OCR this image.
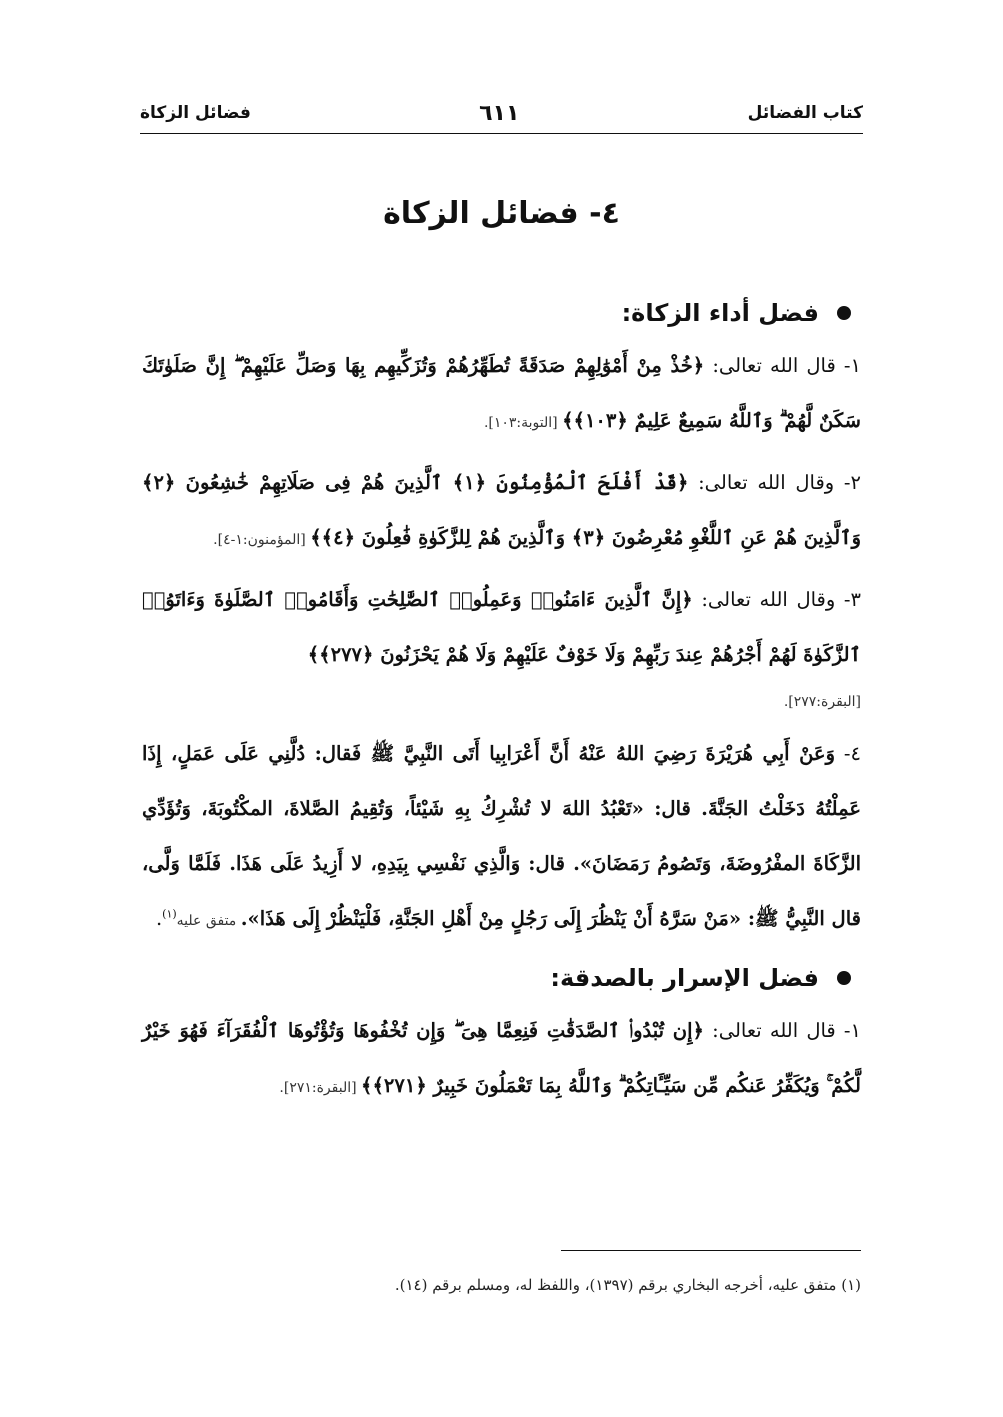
كتاب الفضائل
٦١١
فضائل الزكاة
٤- فضائل الزكاة
فضل أداء الزكاة:

١- قال الله تعالى: ﴿خُذْ مِنْ أَمْوَٰلِهِمْ صَدَقَةً تُطَهِّرُهُمْ وَتُزَكِّيهِم بِهَا وَصَلِّ عَلَيْهِمْ ۖ إِنَّ صَلَوٰتَكَ سَكَنٌ لَّهُمْ ۗ وَٱللَّهُ سَمِيعٌ عَلِيمٌ ﴿١٠٣﴾﴾ [التوبة:١٠٣].

٢- وقال الله تعالى: ﴿قَدْ أَفْلَحَ ٱلْمُؤْمِنُونَ ﴿١﴾ ٱلَّذِينَ هُمْ فِى صَلَاتِهِمْ خَٰشِعُونَ ﴿٢﴾ وَٱلَّذِينَ هُمْ عَنِ ٱللَّغْوِ مُعْرِضُونَ ﴿٣﴾ وَٱلَّذِينَ هُمْ لِلزَّكَوٰةِ فَٰعِلُونَ ﴿٤﴾﴾ [المؤمنون:١-٤].

٣- وقال الله تعالى: ﴿إِنَّ ٱلَّذِينَ ءَامَنُوا۟ وَعَمِلُوا۟ ٱلصَّٰلِحَٰتِ وَأَقَامُوا۟ ٱلصَّلَوٰةَ وَءَاتَوُا۟ ٱلزَّكَوٰةَ لَهُمْ أَجْرُهُمْ عِندَ رَبِّهِمْ وَلَا خَوْفٌ عَلَيْهِمْ وَلَا هُمْ يَحْزَنُونَ ﴿٢٧٧﴾﴾
[البقرة:٢٧٧].

٤- وَعَنْ أَبِي هُرَيْرَةَ رَضِيَ اللهُ عَنْهُ أَنَّ أَعْرَابِيا أَتَى النَّبِيَّ ﷺ فَقال: دُلَّنِي عَلَى عَمَلٍ، إِذَا عَمِلْتُهُ دَخَلْتُ الجَنَّةَ. قال: «تَعْبُدُ اللهَ لا تُشْرِكُ بِهِ شَيْئاً، وَتُقِيمُ الصَّلاةَ، المكْتُوبَةَ، وَتُؤَدِّي الزَّكَاةَ المفْرُوضَةَ، وَتَصُومُ رَمَضَانَ». قال: وَالَّذِي نَفْسِي بِيَدِهِ، لا أَزِيدُ عَلَى هَذَا. فَلَمَّا وَلَّى، قال النَّبِيُّ ﷺ: «مَنْ سَرَّهُ أَنْ يَنْظُرَ إِلَى رَجُلٍ مِنْ أَهْلِ الجَنَّةِ، فَلْيَنْظُرْ إِلَى هَذَا». متفق عليه$^{(١)}$.

فضل الإسرار بالصدقة:

١- قال الله تعالى: ﴿إِن تُبْدُوا۟ ٱلصَّدَقَٰتِ فَنِعِمَّا هِىَ ۖ وَإِن تُخْفُوهَا وَتُؤْتُوهَا ٱلْفُقَرَآءَ فَهُوَ خَيْرٌ لَّكُمْ ۚ وَيُكَفِّرُ عَنكُم مِّن سَيِّـَٔاتِكُمْ ۗ وَٱللَّهُ بِمَا تَعْمَلُونَ خَبِيرٌ ﴿٢٧١﴾﴾ [البقرة:٢٧١].

(١) متفق عليه، أخرجه البخاري برقم (١٣٩٧)، واللفظ له، ومسلم برقم (١٤).
